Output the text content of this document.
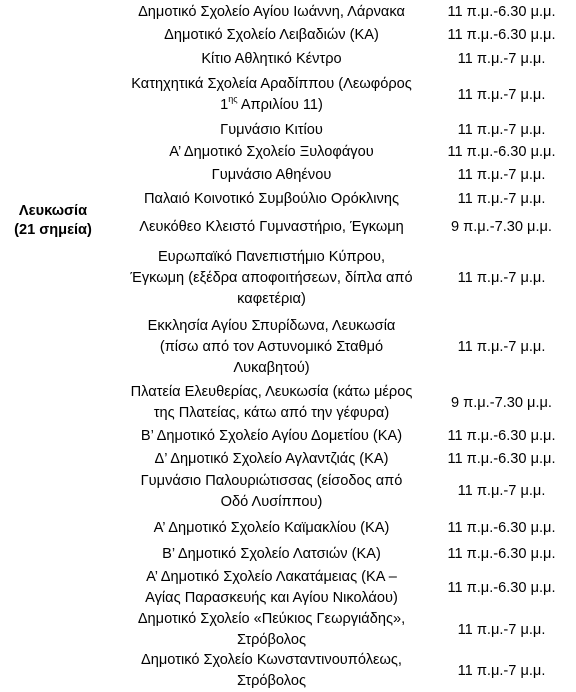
Λευκωσία
(21 σημεία)
Δημοτικό Σχολείο Αγίου Ιωάννη, Λάρνακα	11 π.μ.-6.30 μ.μ.
Δημοτικό Σχολείο Λειβαδιών (ΚΑ)	11 π.μ.-6.30 μ.μ.
Κίτιο Αθλητικό Κέντρο	11 π.μ.-7 μ.μ.
Κατηχητικά Σχολεία Αραδίππου (Λεωφόρος
$1^{\eta\varsigma}$ Απριλίου 11)
11 π.μ.-7 μ.μ.
Γυμνάσιο Κιτίου	11 π.μ.-7 μ.μ.
Α’ Δημοτικό Σχολείο Ξυλοφάγου	11 π.μ.-6.30 μ.μ.
Γυμνάσιο Αθηένου	11 π.μ.-7 μ.μ.
Παλαιό Κοινοτικό Συμβούλιο Ορόκλινης	11 π.μ.-7 μ.μ.
Λευκόθεο Κλειστό Γυμναστήριο, Έγκωμη	9 π.μ.-7.30 μ.μ.
Ευρωπαϊκό Πανεπιστήμιο Κύπρου,
Έγκωμη (εξέδρα αποφοιτήσεων, δίπλα από
καφετέρια)
11 π.μ.-7 μ.μ.
Εκκλησία Αγίου Σπυρίδωνα, Λευκωσία
(πίσω από τον Αστυνομικό Σταθμό
Λυκαβητού)
11 π.μ.-7 μ.μ.
Πλατεία Ελευθερίας, Λευκωσία (κάτω μέρος
της Πλατείας, κάτω από την γέφυρα)
9 π.μ.-7.30 μ.μ.
Β’ Δημοτικό Σχολείο Αγίου Δομετίου (ΚΑ)	11 π.μ.-6.30 μ.μ.
Δ’ Δημοτικό Σχολείο Αγλαντζιάς (ΚΑ)	11 π.μ.-6.30 μ.μ.
Γυμνάσιο Παλουριώτισσας (είσοδος από
Οδό Λυσίππου)
11 π.μ.-7 μ.μ.
Α’ Δημοτικό Σχολείο Καϊμακλίου (ΚΑ)	11 π.μ.-6.30 μ.μ.
Β’ Δημοτικό Σχολείο Λατσιών (ΚΑ)	11 π.μ.-6.30 μ.μ.
Α’ Δημοτικό Σχολείο Λακατάμειας (ΚΑ –
Αγίας Παρασκευής και Αγίου Νικολάου)
11 π.μ.-6.30 μ.μ.
Δημοτικό Σχολείο «Πεύκιος Γεωργιάδης»,
Στρόβολος
11 π.μ.-7 μ.μ.
Δημοτικό Σχολείο Κωνσταντινουπόλεως,
Στρόβολος
11 π.μ.-7 μ.μ.
